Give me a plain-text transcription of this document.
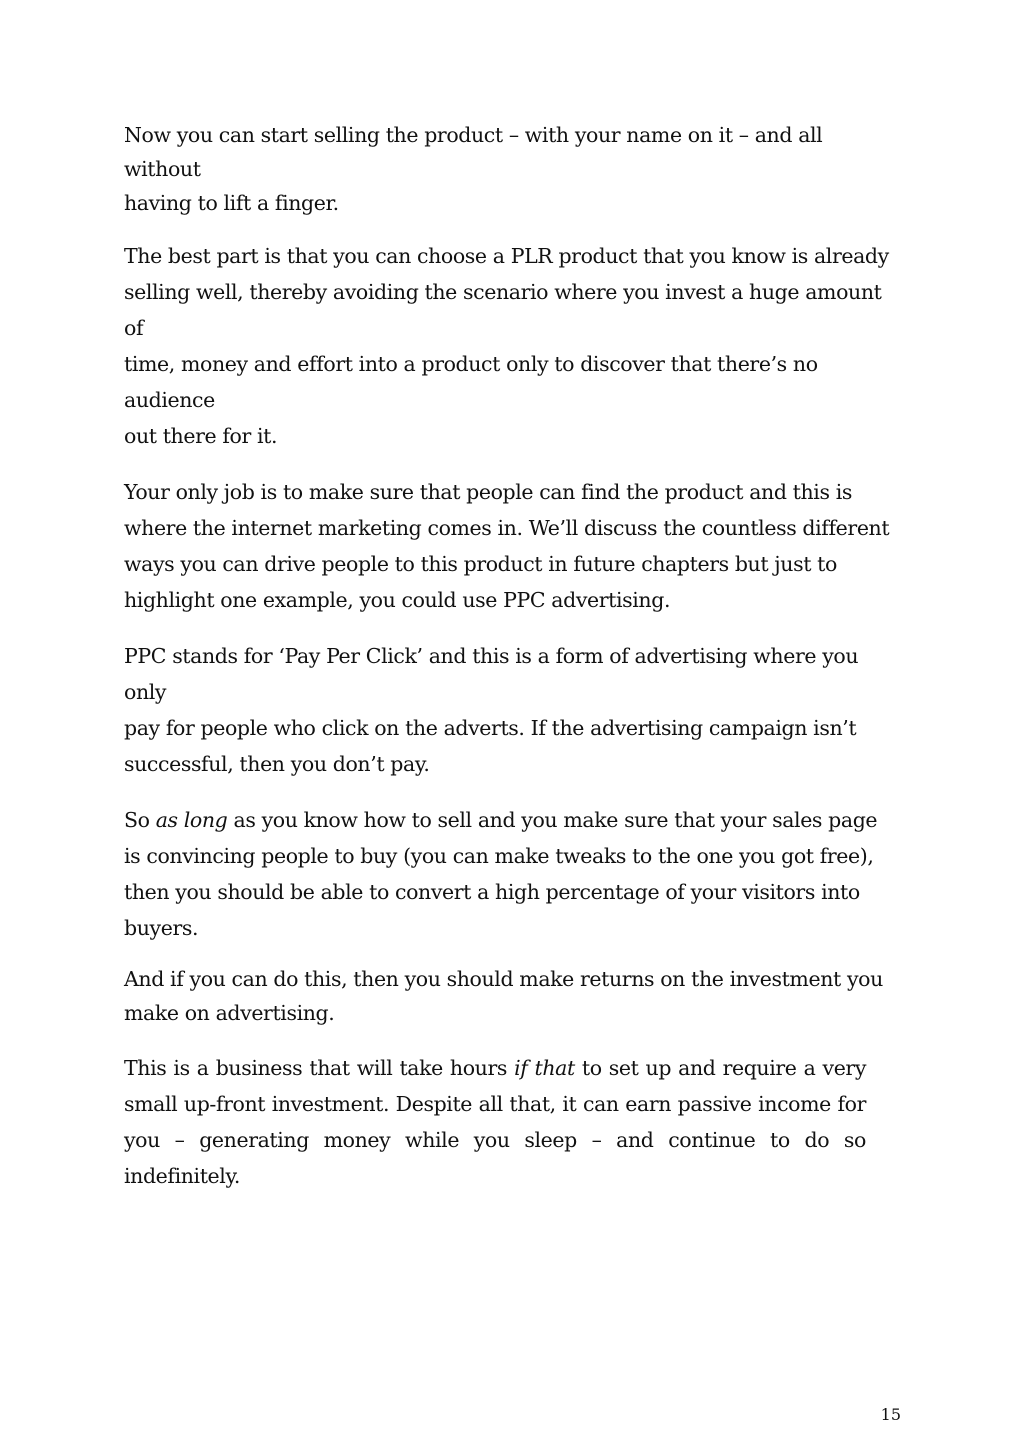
Now you can start selling the product – with your name on it – and all without
having to lift a finger.

The best part is that you can choose a PLR product that you know is already
selling well, thereby avoiding the scenario where you invest a huge amount of
time, money and effort into a product only to discover that there’s no audience
out there for it.

Your only job is to make sure that people can find the product and this is
where the internet marketing comes in. We’ll discuss the countless different
ways you can drive people to this product in future chapters but just to
highlight one example, you could use PPC advertising.

PPC stands for ‘Pay Per Click’ and this is a form of advertising where you only
pay for people who click on the adverts. If the advertising campaign isn’t
successful, then you don’t pay.

So as long as you know how to sell and you make sure that your sales page
is convincing people to buy (you can make tweaks to the one you got free),
then you should be able to convert a high percentage of your visitors into
buyers.

And if you can do this, then you should make returns on the investment you
make on advertising.

This is a business that will take hours if that to set up and require a very small up-front investment. Despite all that, it can earn passive income for you – generating money while you sleep – and continue to do so indefinitely.

15
